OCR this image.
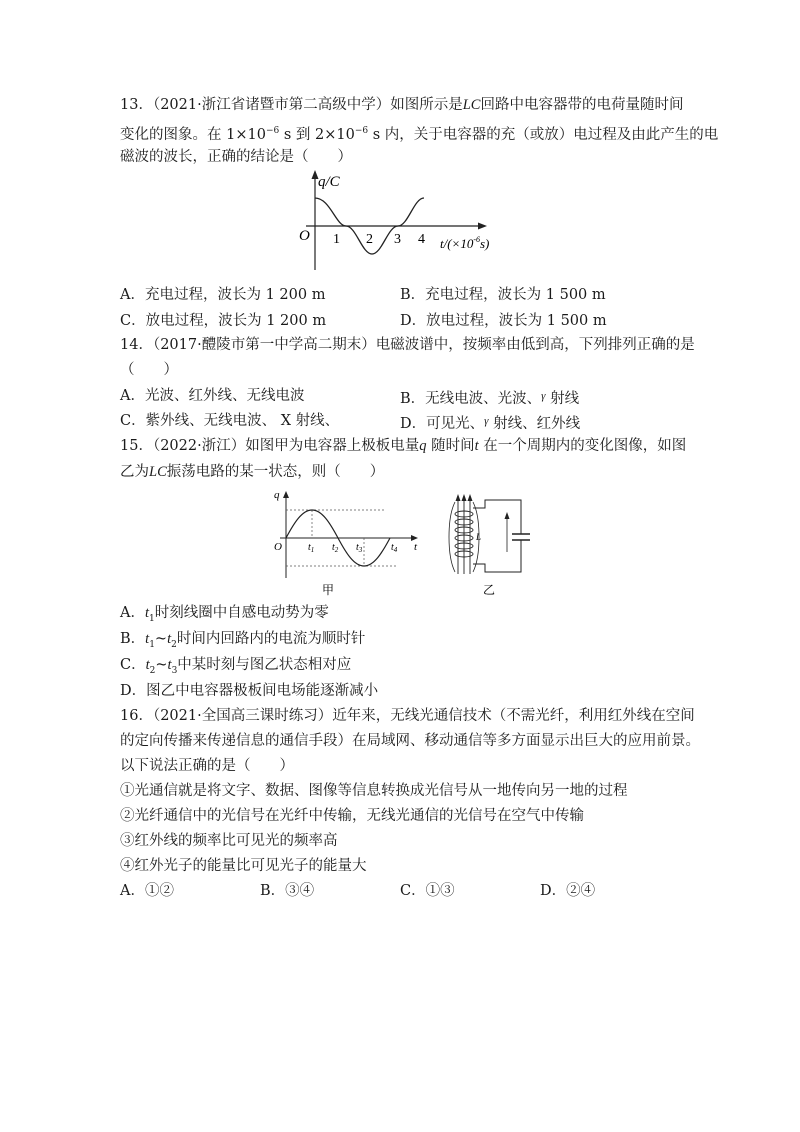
13．（2021·浙江省诸暨市第二高级中学）如图所示是LC回路中电容器带的电荷量随时间
变化的图象。在 $1\times 10^{-6}$ s 到 $2\times 10^{-6}$ s 内，关于电容器的充（或放）电过程及由此产生的电
磁波的波长，正确的结论是（　　）
q/C
O 1 2 3 4 $t/(\times 10^{-6}s)$
A．充电过程，波长为 1 200 m	B．充电过程，波长为 1 500 m
C．放电过程，波长为 1 200 m	D．放电过程，波长为 1 500 m
14．（2017·醴陵市第一中学高二期末）电磁波谱中，按频率由低到高，下列排列正确的是
（　　）
A．光波、红外线、无线电波	B．无线电波、光波、$^\gamma$ 射线
C．紫外线、无线电波、 X 射线、	D．可见光、$^\gamma$ 射线、红外线
15．（2022·浙江）如图甲为电容器上极板电量q 随时间t 在一个周期内的变化图像，如图
乙为LC振荡电路的某一状态，则（　　）
q
O	$t_1$ $t_2$ $t_3$	$t_4$ t
甲
L
乙
A．$t_1$时刻线圈中自感电动势为零
B．$t_1\sim t_2$时间内回路内的电流为顺时针
C．$t_2\sim t_3$中某时刻与图乙状态相对应
D．图乙中电容器极板间电场能逐渐减小
16．（2021·全国高三课时练习）近年来，无线光通信技术（不需光纤，利用红外线在空间
的定向传播来传递信息的通信手段）在局域网、移动通信等多方面显示出巨大的应用前景。
以下说法正确的是（　　）
①光通信就是将文字、数据、图像等信息转换成光信号从一地传向另一地的过程
②光纤通信中的光信号在光纤中传输，无线光通信的光信号在空气中传输
③红外线的频率比可见光的频率高
④红外光子的能量比可见光子的能量大
A．①②	B．③④	C．①③	D．②④
